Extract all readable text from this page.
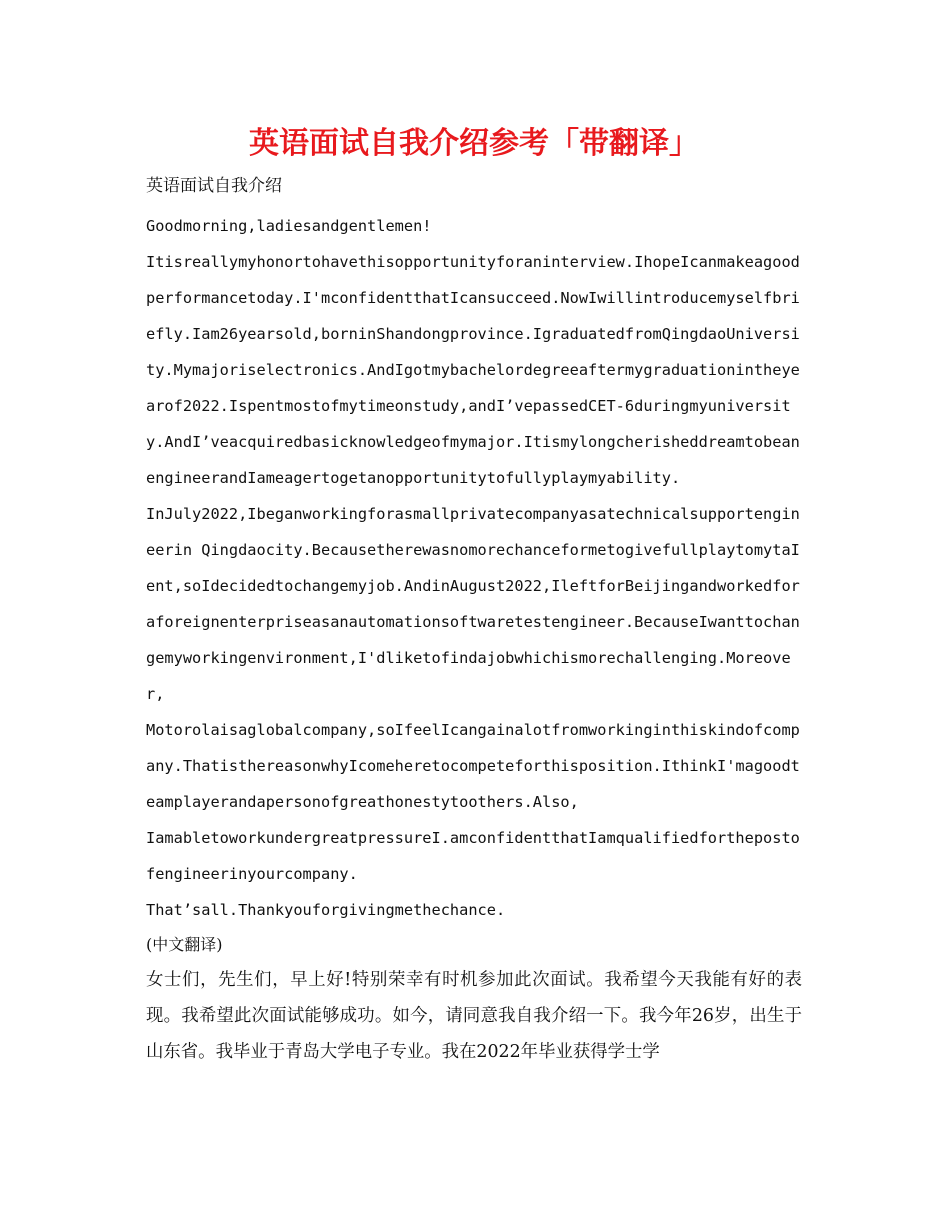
英语面试自我介绍参考「带翻译」
英语面试自我介绍

Goodmorning,ladiesandgentlemen!

Itisreallymyhonortohavethisopportunityforaninterview.IhopeIcanmakeagoodperformancetoday.I'mconfidentthatIcansucceed.NowIwillintroducemyselfbriefly.Iam26yearsold,borninShandongprovince.IgraduatedfromQingdaoUniversity.Mymajoriselectronics.AndIgotmybachelordegreeaftermygraduationintheyearof2022.Ispentmostofmytimeonstudy,andI’vepassedCET-6duringmyuniversity.AndI’veacquiredbasicknowledgeofmymajor.ItismylongcherisheddreamtobeanengineerandIameagertogetanopportunitytofullyplaymyability.

InJuly2022,Ibeganworkingforasmallprivatecompanyasatechnicalsupportengineerin Qingdaocity.BecausetherewasnomorechanceformetogivefullplaytomytaIent,soIdecidedtochangemyjob.AndinAugust2022,IleftforBeijingandworkedforaforeignenterpriseasanautomationsoftwaretestengineer.BecauseIwanttochangemyworkingenvironment,I'dliketofindajobwhichismorechallenging.Moreover,

Motorolaisaglobalcompany,soIfeelIcangainalotfromworkinginthiskindofcompany.ThatisthereasonwhyIcomeheretocompeteforthisposition.IthinkI'magoodteamplayerandapersonofgreathonestytoothers.Also,

IamabletoworkundergreatpressureI.amconfidentthatIamqualifiedforthepostofengineerinyourcompany.

That’sall.Thankyouforgivingmethechance.

(中文翻译)

女士们，先生们，早上好!特别荣幸有时机参加此次面试。我希望今天我能有好的表现。我希望此次面试能够成功。如今，请同意我自我介绍一下。我今年26岁，出生于山东省。我毕业于青岛大学电子专业。我在2022年毕业获得学士学
